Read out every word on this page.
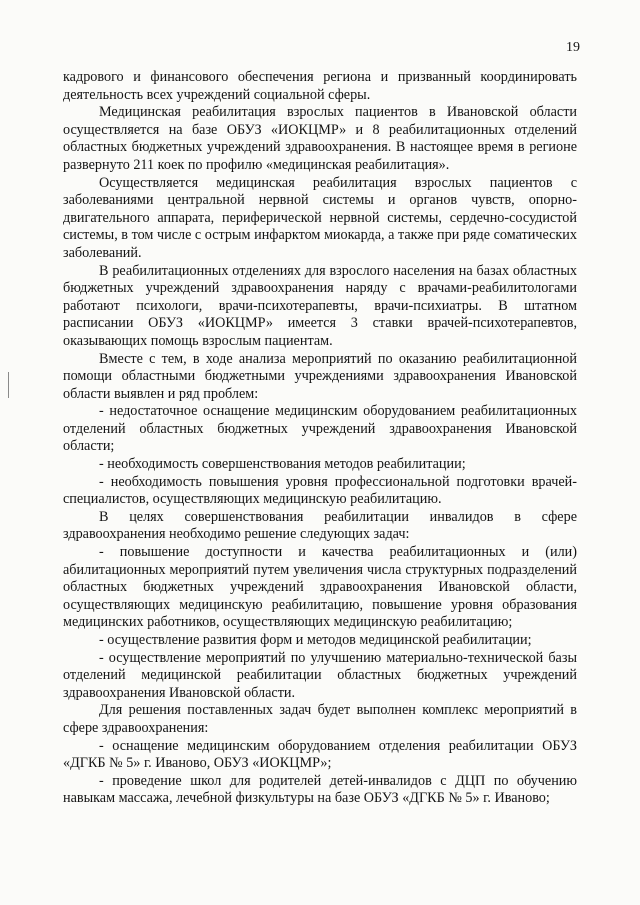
19

кадрового и финансового обеспечения региона и призванный координировать деятельность всех учреждений социальной сферы.

Медицинская реабилитация взрослых пациентов в Ивановской области осуществляется на базе ОБУЗ «ИОКЦМР» и 8 реабилитационных отделений областных бюджетных учреждений здравоохранения. В настоящее время в регионе развернуто 211 коек по профилю «медицинская реабилитация».

Осуществляется медицинская реабилитация взрослых пациентов с заболеваниями центральной нервной системы и органов чувств, опорно-двигательного аппарата, периферической нервной системы, сердечно-сосудистой системы, в том числе с острым инфарктом миокарда, а также при ряде соматических заболеваний.

В реабилитационных отделениях для взрослого населения на базах областных бюджетных учреждений здравоохранения наряду с врачами-реабилитологами работают психологи, врачи-психотерапевты, врачи-психиатры. В штатном расписании ОБУЗ «ИОКЦМР» имеется 3 ставки врачей-психотерапевтов, оказывающих помощь взрослым пациентам.

Вместе с тем, в ходе анализа мероприятий по оказанию реабилитационной помощи областными бюджетными учреждениями здравоохранения Ивановской области выявлен и ряд проблем:

- недостаточное оснащение медицинским оборудованием реабилитационных отделений областных бюджетных учреждений здравоохранения Ивановской области;

- необходимость совершенствования методов реабилитации;

- необходимость повышения уровня профессиональной подготовки врачей-специалистов, осуществляющих медицинскую реабилитацию.

В целях совершенствования реабилитации инвалидов в сфере здравоохранения необходимо решение следующих задач:

- повышение доступности и качества реабилитационных и (или) абилитационных мероприятий путем увеличения числа структурных подразделений областных бюджетных учреждений здравоохранения Ивановской области, осуществляющих медицинскую реабилитацию, повышение уровня образования медицинских работников, осуществляющих медицинскую реабилитацию;

- осуществление развития форм и методов медицинской реабилитации;

- осуществление мероприятий по улучшению материально-технической базы отделений медицинской реабилитации областных бюджетных учреждений здравоохранения Ивановской области.

Для решения поставленных задач будет выполнен комплекс мероприятий в сфере здравоохранения:

- оснащение медицинским оборудованием отделения реабилитации ОБУЗ «ДГКБ № 5» г. Иваново, ОБУЗ «ИОКЦМР»;

- проведение школ для родителей детей-инвалидов с ДЦП по обучению навыкам массажа, лечебной физкультуры на базе ОБУЗ «ДГКБ № 5» г. Иваново;
